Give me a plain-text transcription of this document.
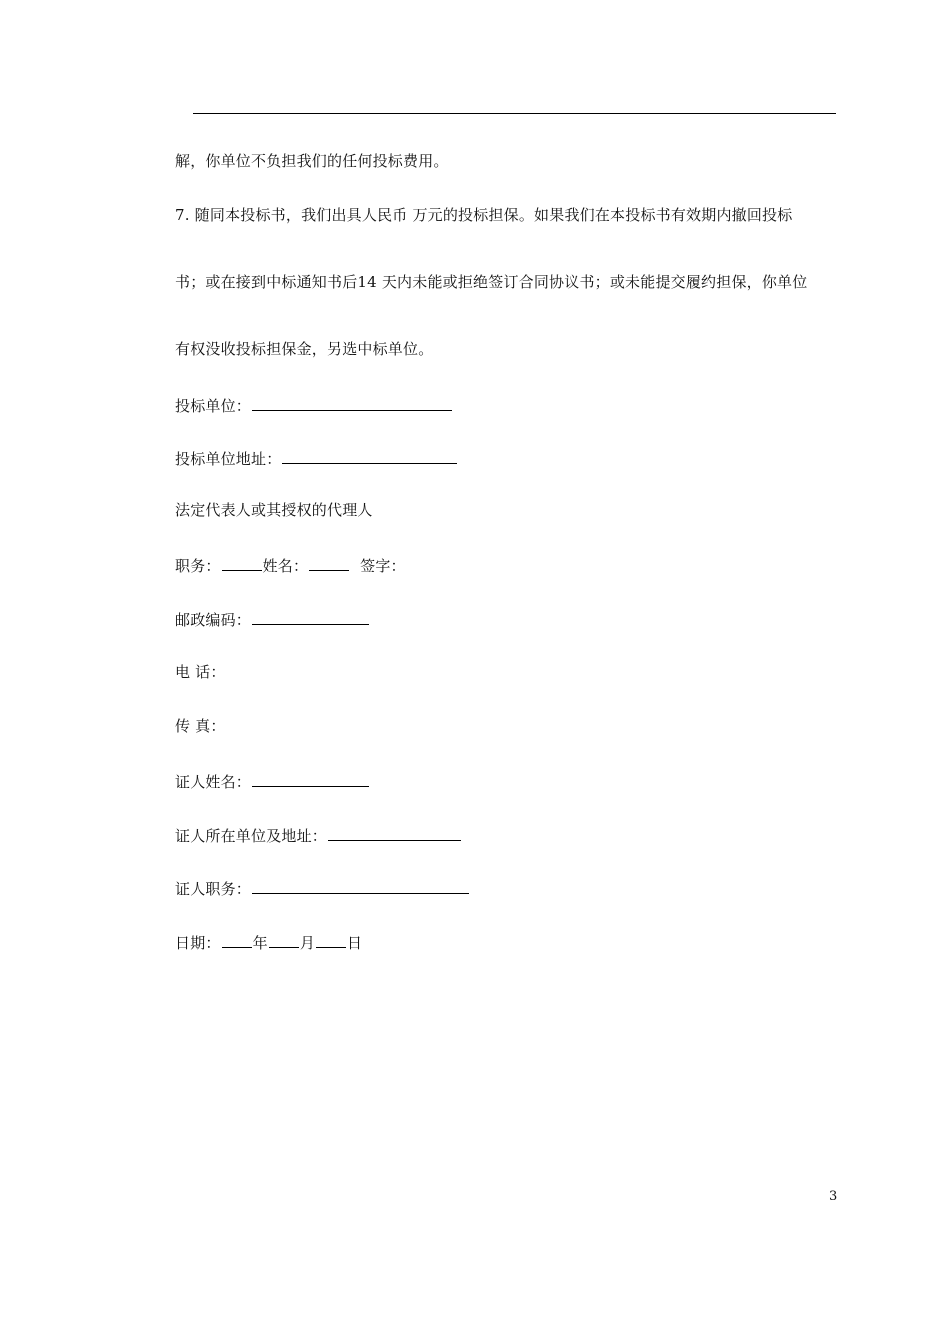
解，你单位不负担我们的任何投标费用。
7. 随同本投标书，我们出具人民币 万元的投标担保。如果我们在本投标书有效期内撤回投标
书；或在接到中标通知书后14 天内未能或拒绝签订合同协议书；或未能提交履约担保，你单位
有权没收投标担保金，另选中标单位。
投标单位：
投标单位地址：
法定代表人或其授权的代理人
职务：	姓名：	签字：
邮政编码：
电 话：
传 真：
证人姓名：
证人所在单位及地址：
证人职务：
日期： 年 月 日
3
